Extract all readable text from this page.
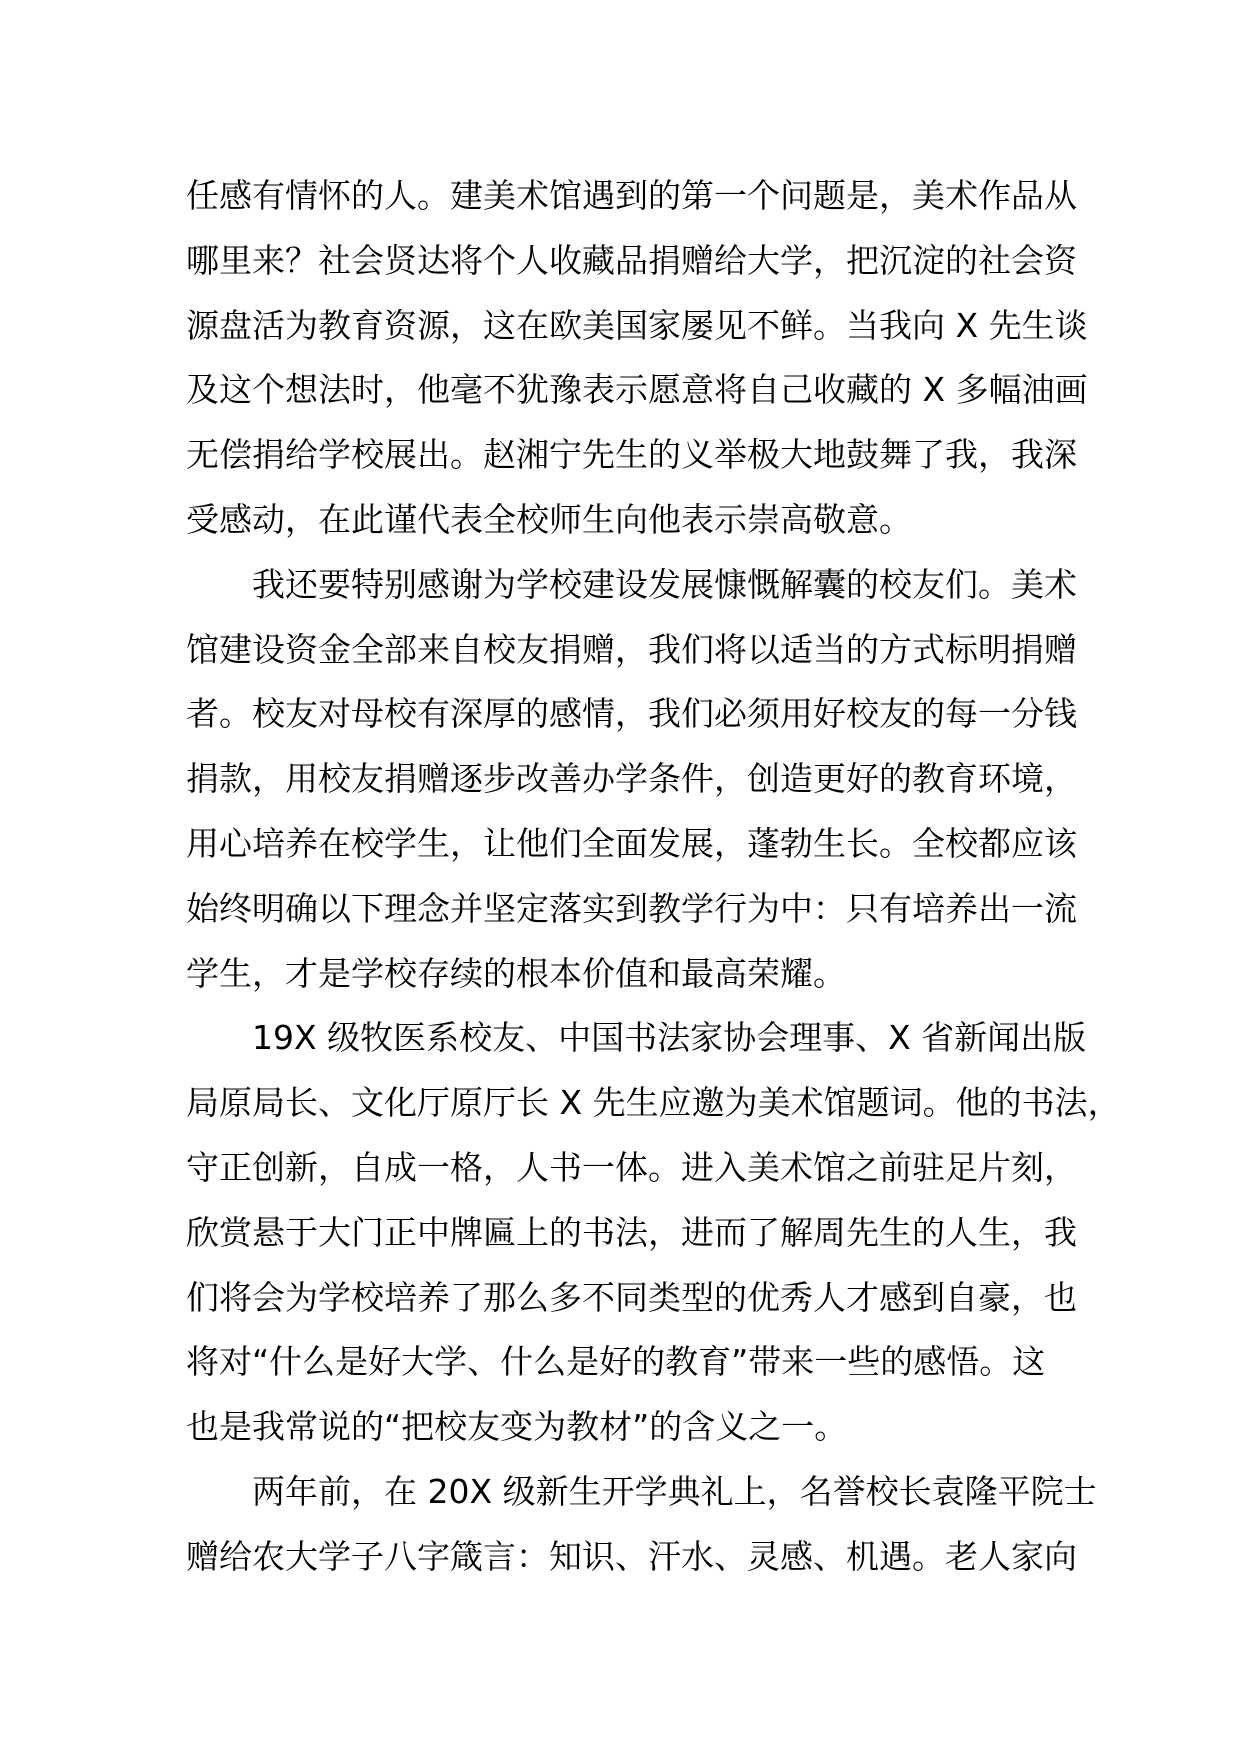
任感有情怀的人。建美术馆遇到的第一个问题是，美术作品从
哪里来？社会贤达将个人收藏品捐赠给大学，把沉淀的社会资
源盘活为教育资源，这在欧美国家屡见不鲜。当我向 X 先生谈
及这个想法时，他毫不犹豫表示愿意将自己收藏的 X 多幅油画
无偿捐给学校展出。赵湘宁先生的义举极大地鼓舞了我，我深
受感动，在此谨代表全校师生向他表示崇高敬意。
　　我还要特别感谢为学校建设发展慷慨解囊的校友们。美术
馆建设资金全部来自校友捐赠，我们将以适当的方式标明捐赠
者。校友对母校有深厚的感情，我们必须用好校友的每一分钱
捐款，用校友捐赠逐步改善办学条件，创造更好的教育环境，
用心培养在校学生，让他们全面发展，蓬勃生长。全校都应该
始终明确以下理念并坚定落实到教学行为中：只有培养出一流
学生，才是学校存续的根本价值和最高荣耀。
　　19X 级牧医系校友、中国书法家协会理事、X 省新闻出版
局原局长、文化厅原厅长 X 先生应邀为美术馆题词。他的书法，
守正创新，自成一格，人书一体。进入美术馆之前驻足片刻，
欣赏悬于大门正中牌匾上的书法，进而了解周先生的人生，我
们将会为学校培养了那么多不同类型的优秀人才感到自豪，也
将对“什么是好大学、什么是好的教育”带来一些的感悟。这
也是我常说的“把校友变为教材”的含义之一。
　　两年前，在 20X 级新生开学典礼上，名誉校长袁隆平院士
赠给农大学子八字箴言：知识、汗水、灵感、机遇。老人家向
